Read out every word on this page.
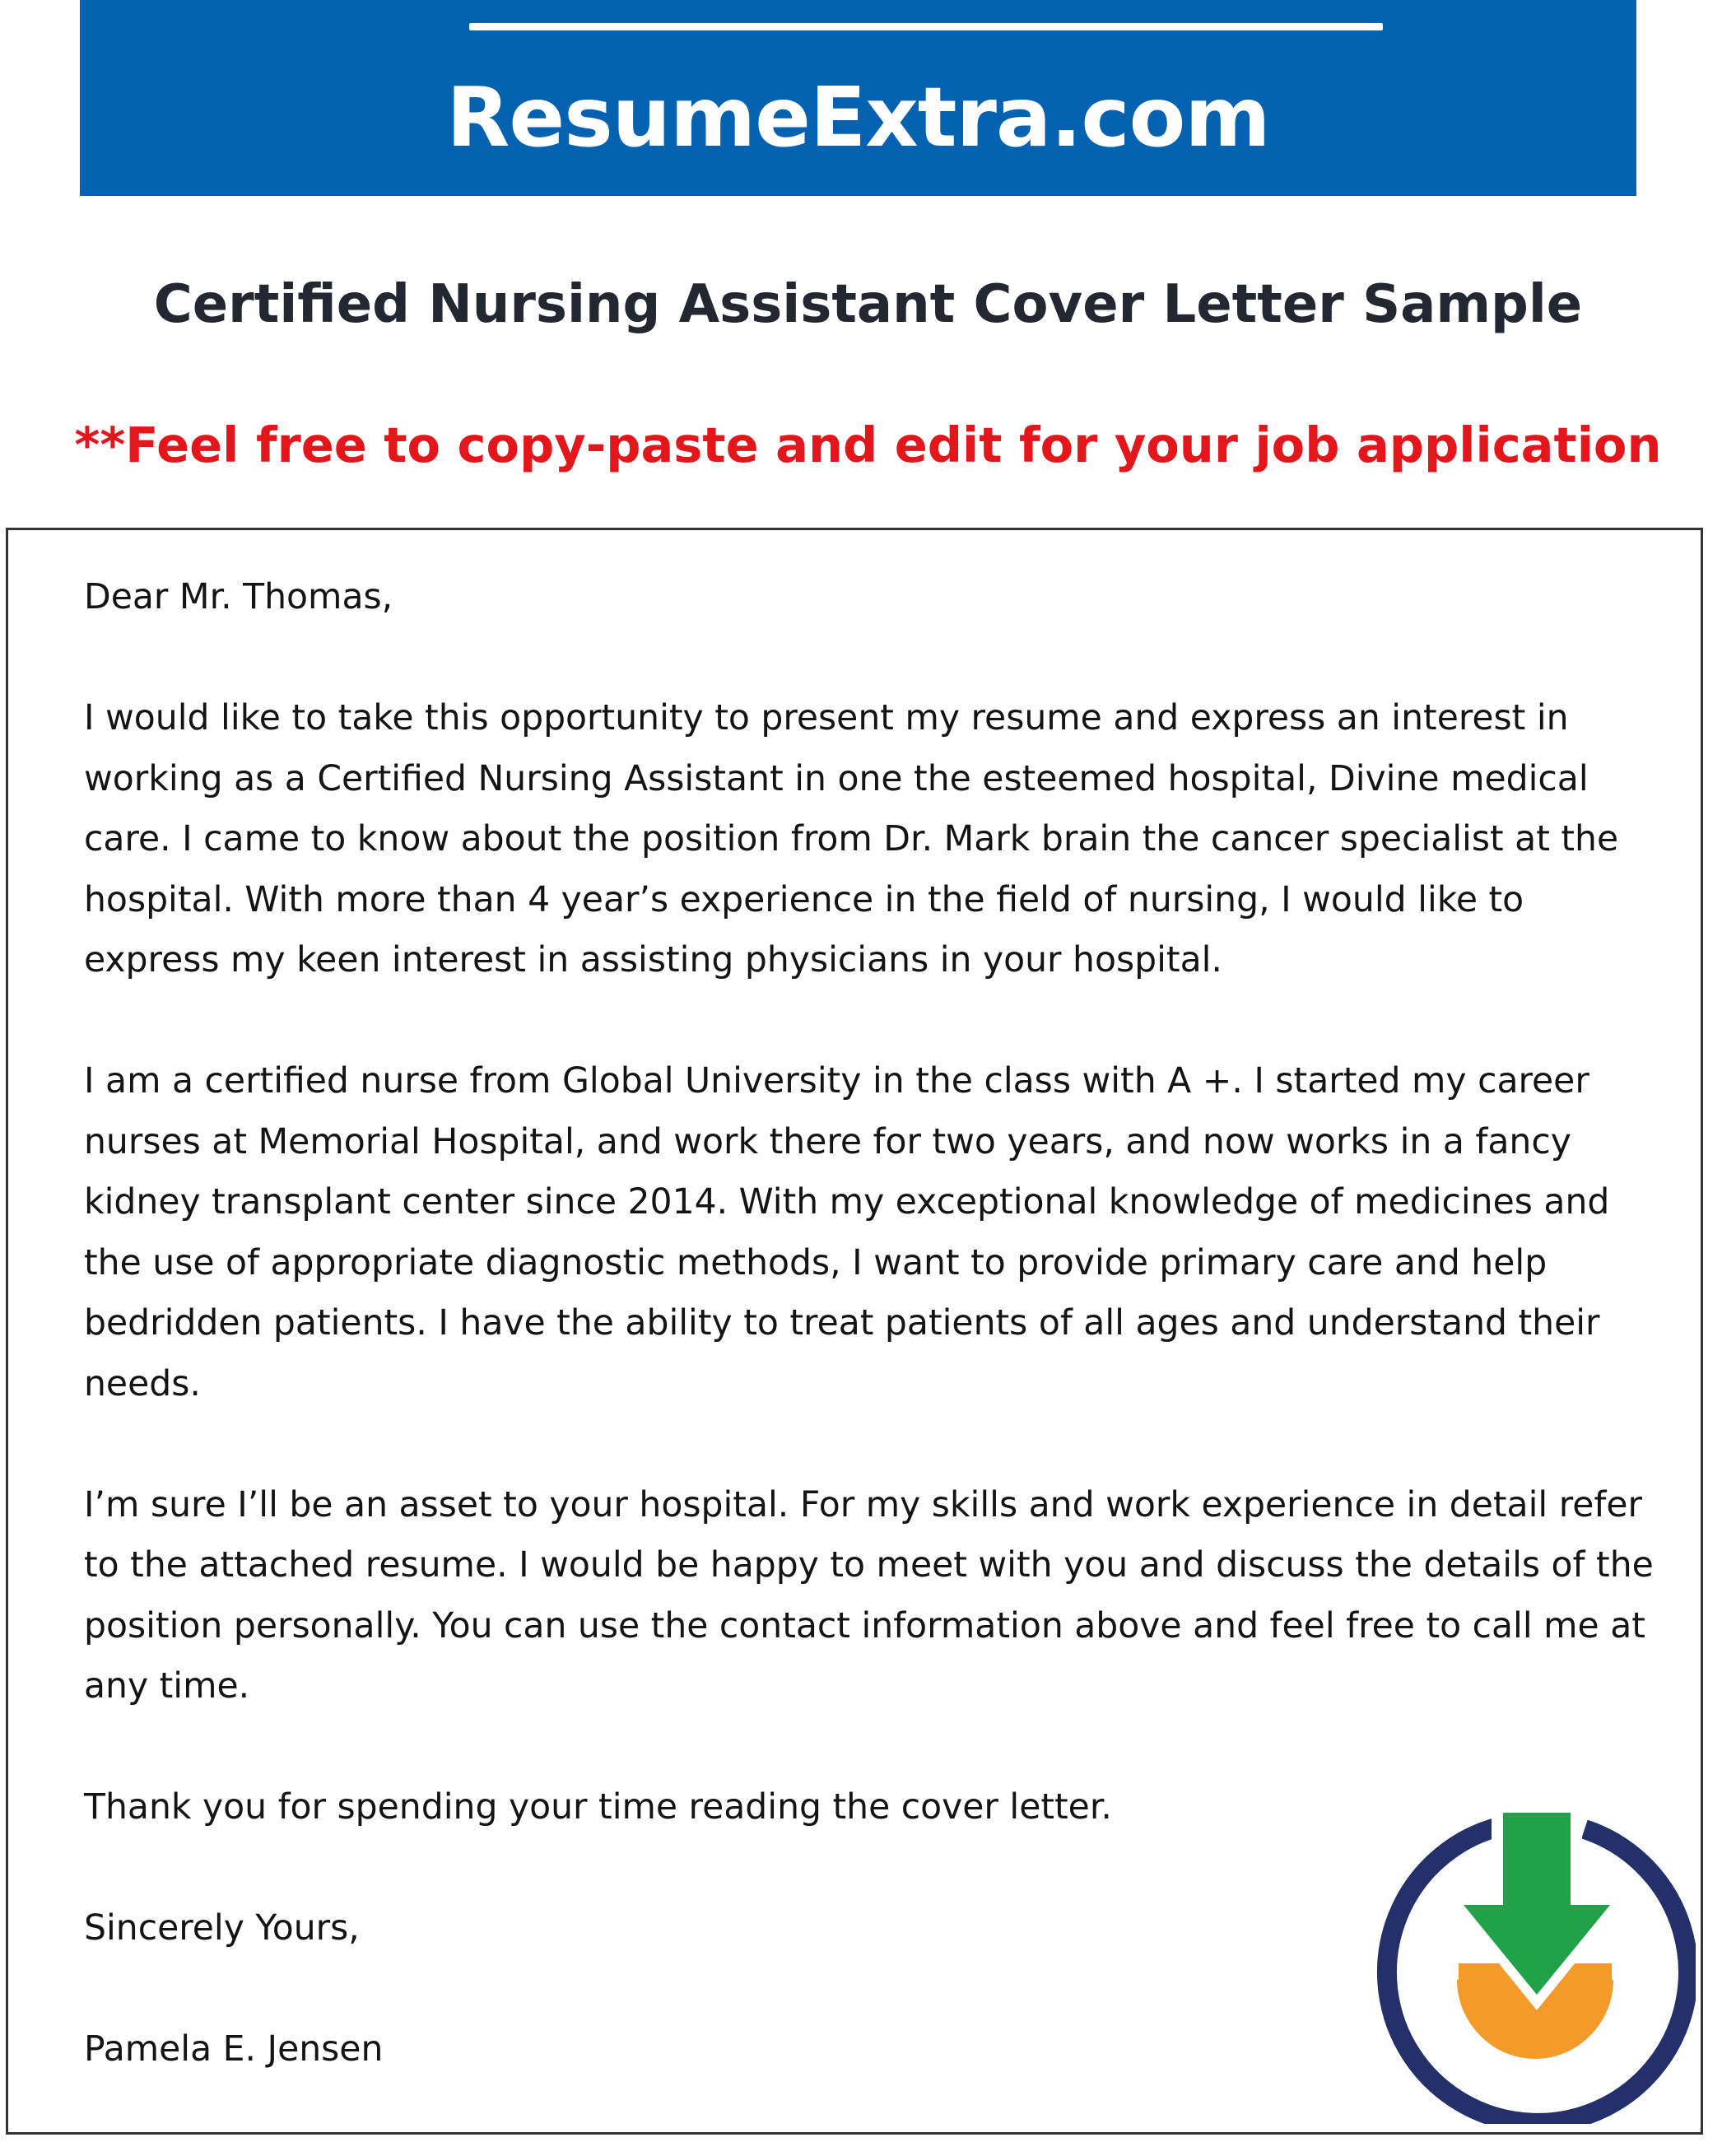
ResumeExtra.com
Certified Nursing Assistant Cover Letter Sample
**Feel free to copy-paste and edit for your job application

Dear Mr. Thomas,

I would like to take this opportunity to present my resume and express an interest in working as a Certified Nursing Assistant in one the esteemed hospital, Divine medical care. I came to know about the position from Dr. Mark brain the cancer specialist at the hospital. With more than 4 year’s experience in the field of nursing, I would like to express my keen interest in assisting physicians in your hospital.

I am a certified nurse from Global University in the class with A +. I started my career nurses at Memorial Hospital, and work there for two years, and now works in a fancy kidney transplant center since 2014. With my exceptional knowledge of medicines and the use of appropriate diagnostic methods, I want to provide primary care and help bedridden patients. I have the ability to treat patients of all ages and understand their needs.

I’m sure I’ll be an asset to your hospital. For my skills and work experience in detail refer to the attached resume. I would be happy to meet with you and discuss the details of the position personally. You can use the contact information above and feel free to call me at any time.

Thank you for spending your time reading the cover letter.

Sincerely Yours,

Pamela E. Jensen
